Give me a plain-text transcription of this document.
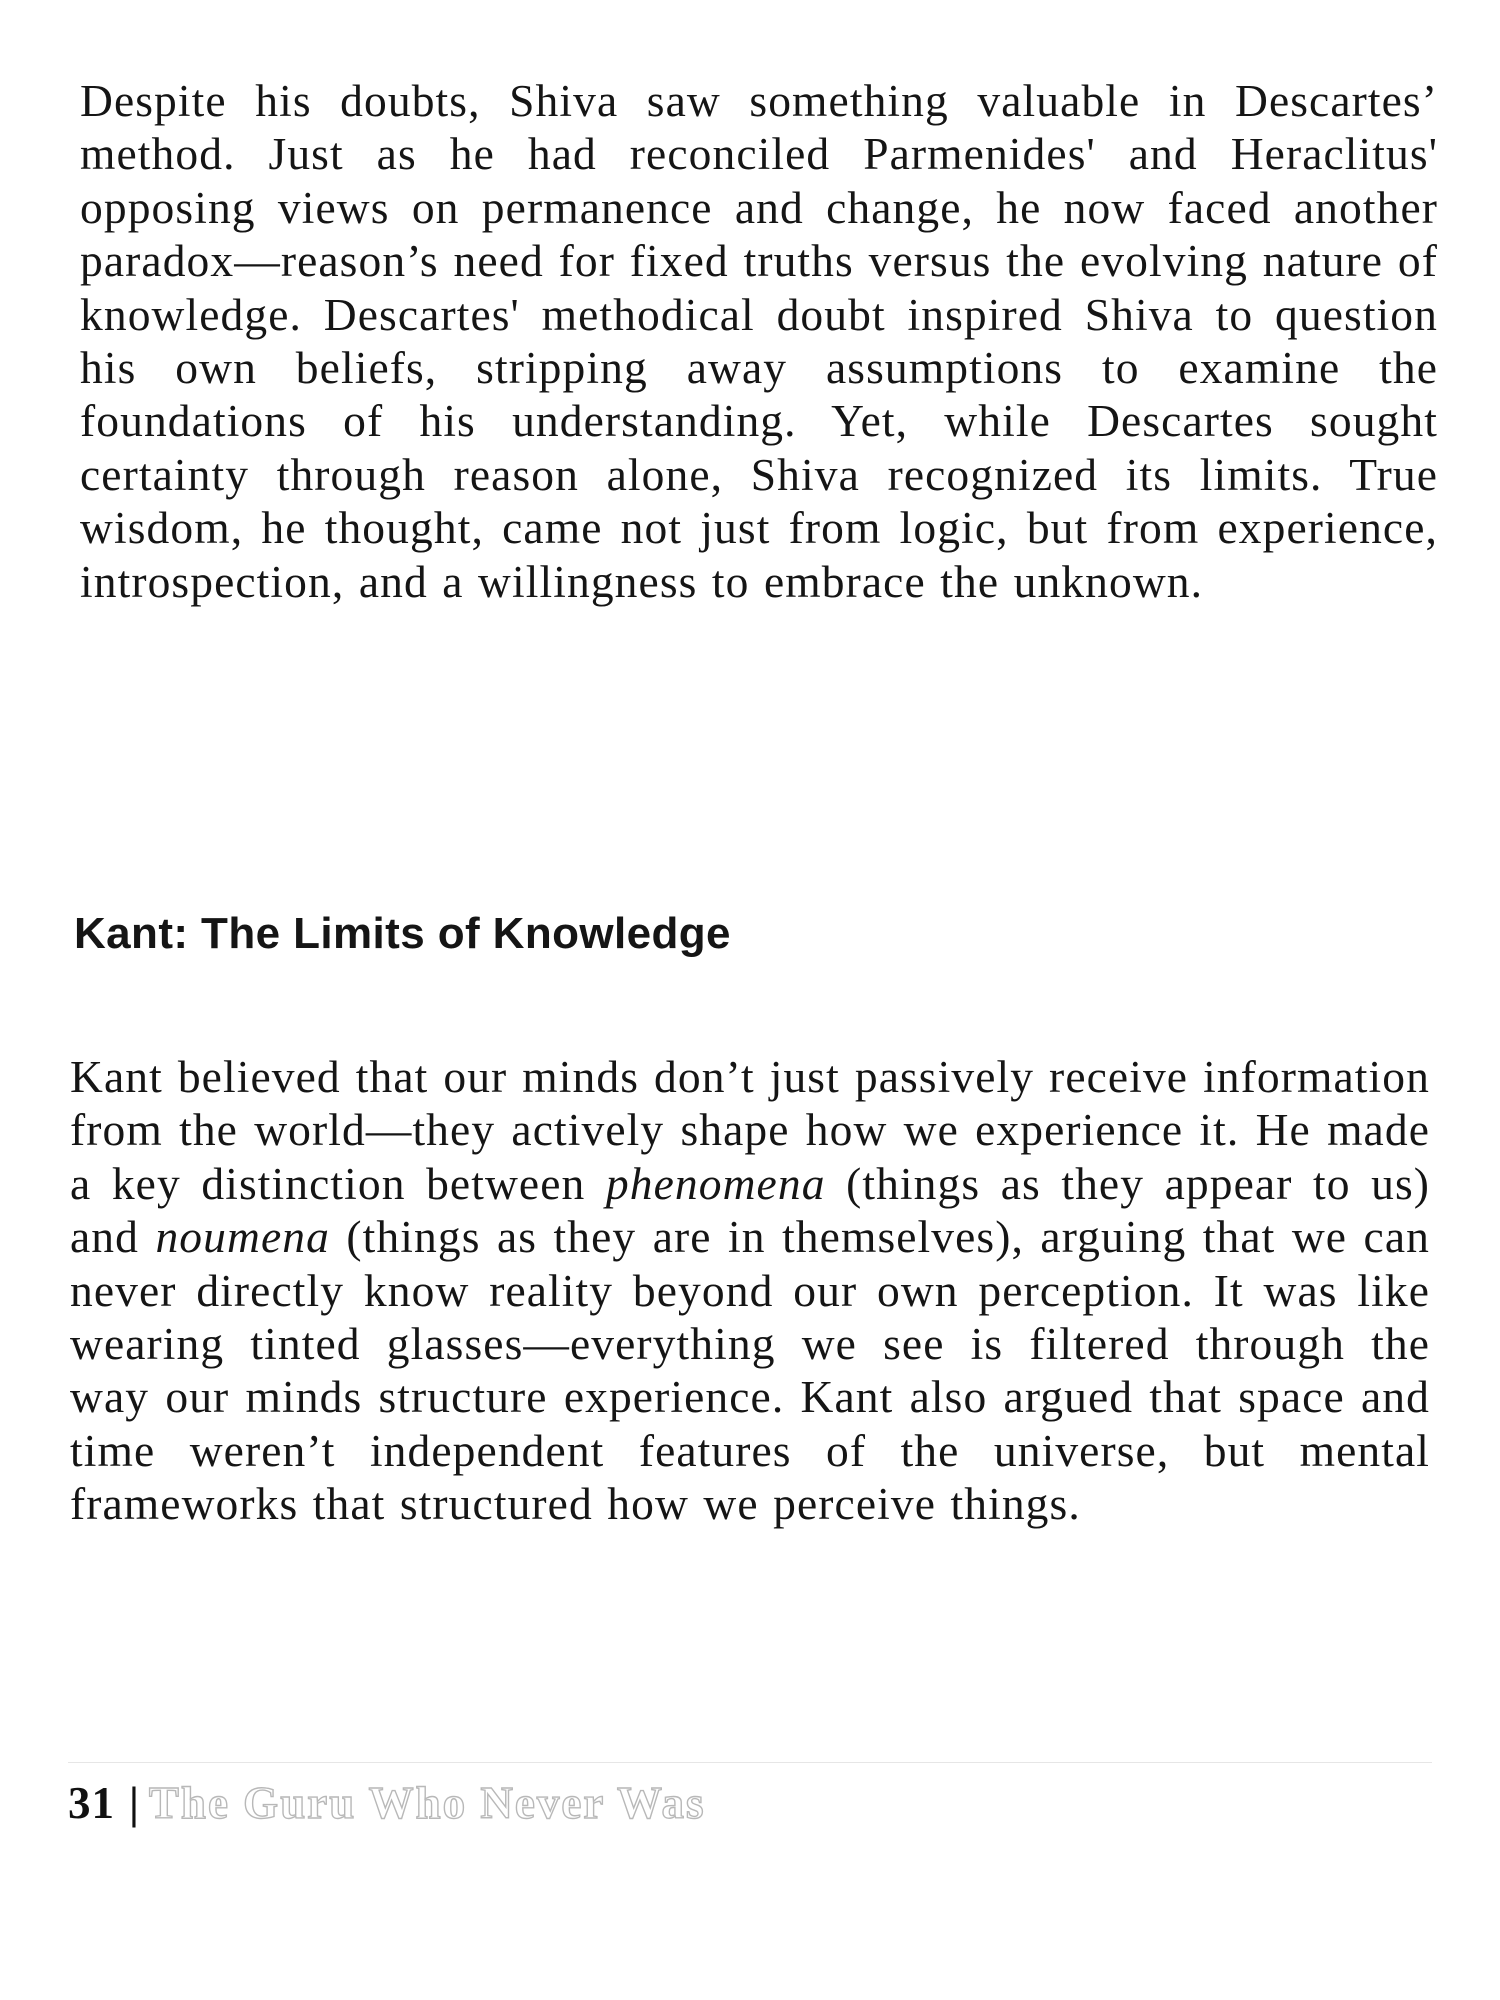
Despite his doubts, Shiva saw something valuable in Descartes’ method. Just as he had reconciled Parmenides' and Heraclitus' opposing views on permanence and change, he now faced another paradox—reason’s need for fixed truths versus the evolving nature of knowledge. Descartes' methodical doubt inspired Shiva to question his own beliefs, stripping away assumptions to examine the foundations of his understanding. Yet, while Descartes sought certainty through reason alone, Shiva recognized its limits. True wisdom, he thought, came not just from logic, but from experience, introspection, and a willingness to embrace the unknown.

Kant: The Limits of Knowledge

Kant believed that our minds don’t just passively receive information from the world—they actively shape how we experience it. He made a key distinction between phenomena (things as they appear to us) and noumena (things as they are in themselves), arguing that we can never directly know reality beyond our own perception. It was like wearing tinted glasses—everything we see is filtered through the way our minds structure experience. Kant also argued that space and time weren’t independent features of the universe, but mental frameworks that structured how we perceive things.

31 | The Guru Who Never Was
